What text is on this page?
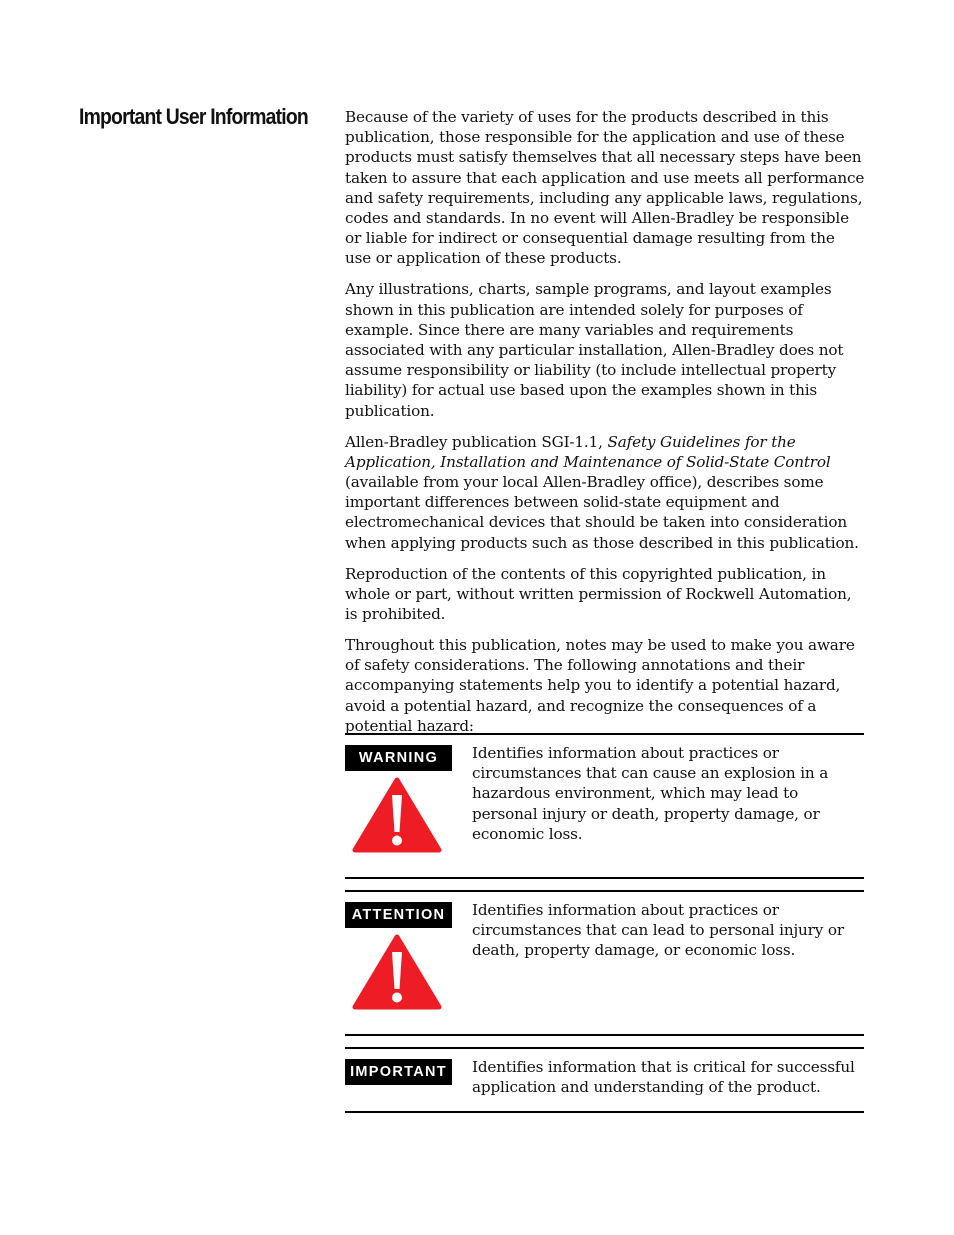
Important User Information Because of the variety of uses for the products described in this publication, those responsible for the application and use of these products must satisfy themselves that all necessary steps have been taken to assure that each application and use meets all performance and safety requirements, including any applicable laws, regulations, codes and standards. In no event will Allen-Bradley be responsible or liable for indirect or consequential damage resulting from the use or application of these products.

Any illustrations, charts, sample programs, and layout examples shown in this publication are intended solely for purposes of example. Since there are many variables and requirements associated with any particular installation, Allen-Bradley does not assume responsibility or liability (to include intellectual property liability) for actual use based upon the examples shown in this publication.

Allen-Bradley publication SGI-1.1, Safety Guidelines for the Application, Installation and Maintenance of Solid-State Control (available from your local Allen-Bradley office), describes some important differences between solid-state equipment and electromechanical devices that should be taken into consideration when applying products such as those described in this publication.

Reproduction of the contents of this copyrighted publication, in whole or part, without written permission of Rockwell Automation, is prohibited.

Throughout this publication, notes may be used to make you aware of safety considerations. The following annotations and their accompanying statements help you to identify a potential hazard, avoid a potential hazard, and recognize the consequences of a potential hazard:

WARNING	Identifies information about practices or circumstances that can cause an explosion in a hazardous environment, which may lead to personal injury or death, property damage, or economic loss.
ATTENTION	Identifies information about practices or circumstances that can lead to personal injury or death, property damage, or economic loss.
IMPORTANT	Identifies information that is critical for successful application and understanding of the product.
